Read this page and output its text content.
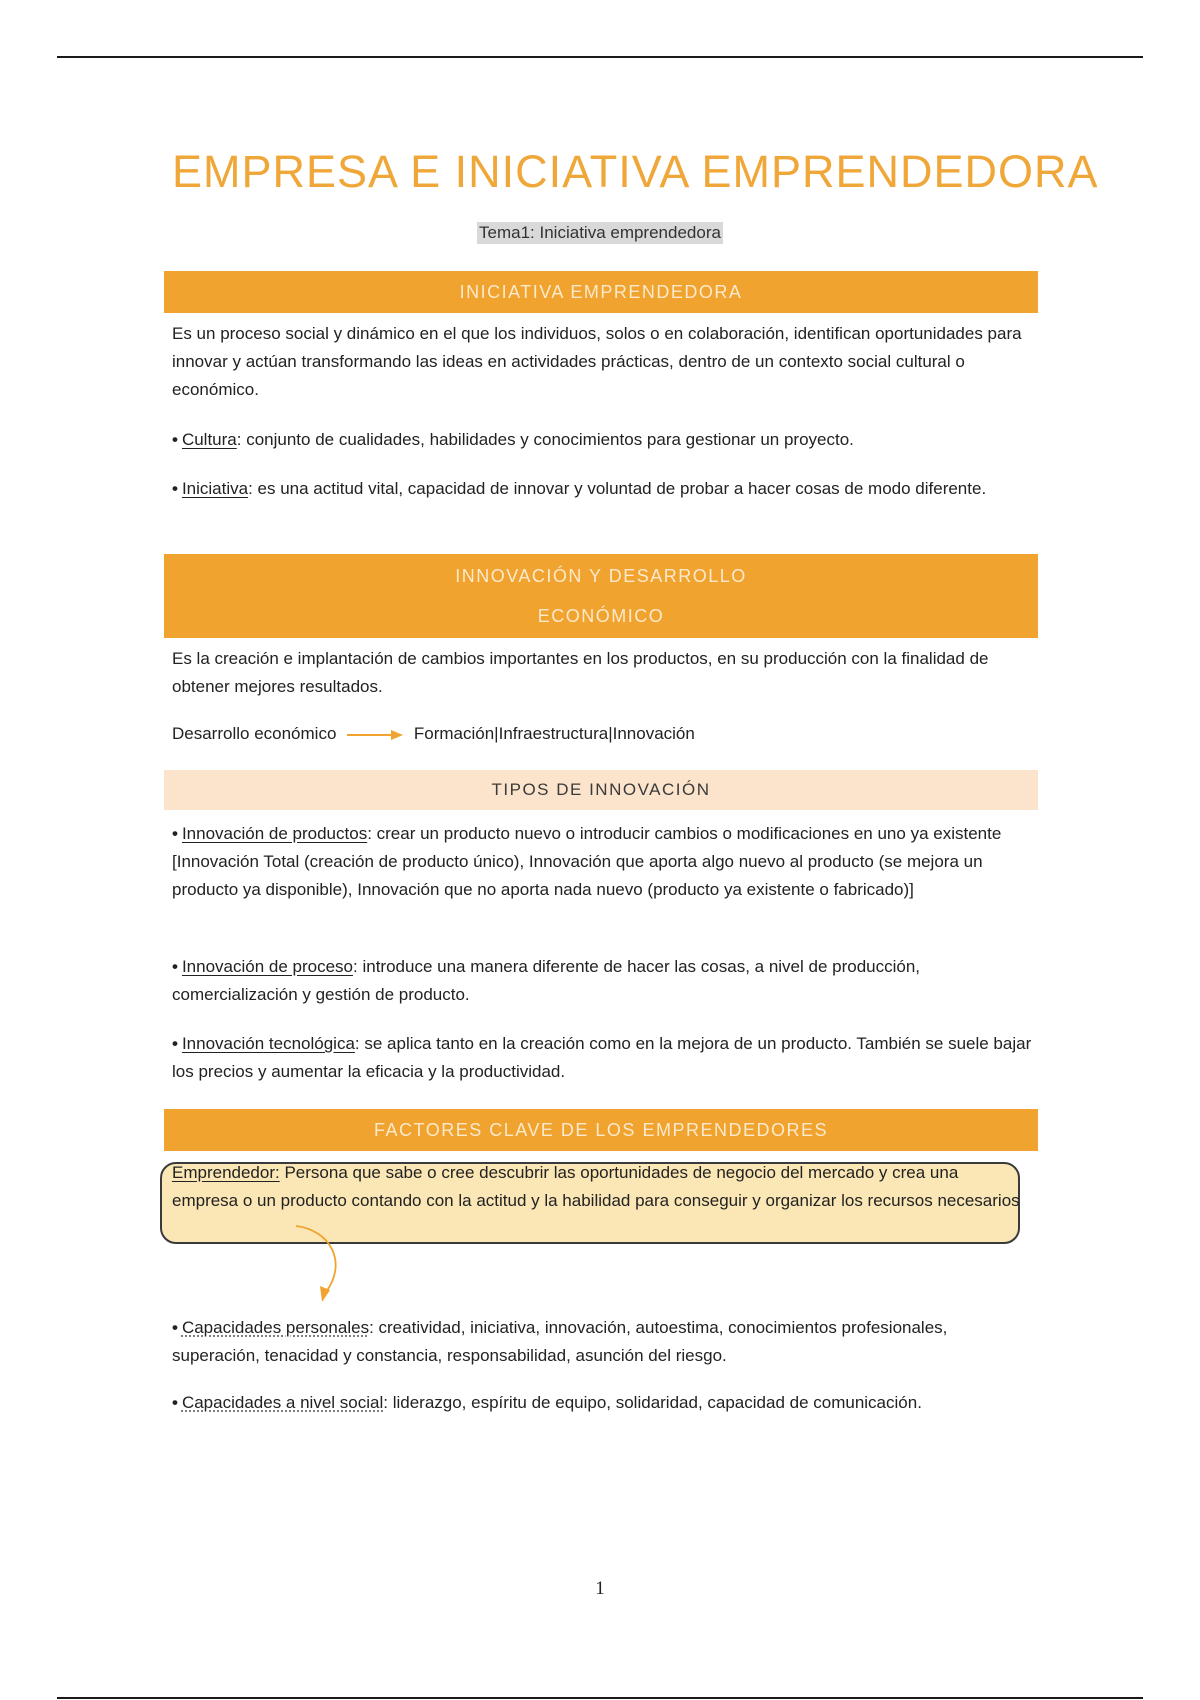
EMPRESA E INICIATIVA EMPRENDEDORA
Tema1: Iniciativa emprendedora
INICIATIVA EMPRENDEDORA
Es un proceso social y dinámico en el que los individuos, solos o en colaboración, identifican oportunidades para innovar y actúan transformando las ideas en actividades prácticas, dentro de un contexto social cultural o económico.
• Cultura: conjunto de cualidades, habilidades y conocimientos para gestionar un proyecto.
• Iniciativa: es una actitud vital, capacidad de innovar y voluntad de probar a hacer cosas de modo diferente.
INNOVACIÓN Y DESARROLLO
ECONÓMICO
Es la creación e implantación de cambios importantes en los productos, en su producción con la finalidad de obtener mejores resultados.
Desarrollo económico	Formación|Infraestructura|Innovación
TIPOS DE INNOVACIÓN
• Innovación de productos: crear un producto nuevo o introducir cambios o modificaciones en uno ya existente [Innovación Total (creación de producto único), Innovación que aporta algo nuevo al producto (se mejora un producto ya disponible), Innovación que no aporta nada nuevo (producto ya existente o fabricado)]
• Innovación de proceso: introduce una manera diferente de hacer las cosas, a nivel de producción, comercialización y gestión de producto.
• Innovación tecnológica: se aplica tanto en la creación como en la mejora de un producto. También se suele bajar los precios y aumentar la eficacia y la productividad.
FACTORES CLAVE DE LOS EMPRENDEDORES
Emprendedor: Persona que sabe o cree descubrir las oportunidades de negocio del mercado y crea una empresa o un producto contando con la actitud y la habilidad para conseguir y organizar los recursos necesarios
• Capacidades personales: creatividad, iniciativa, innovación, autoestima, conocimientos profesionales, superación, tenacidad y constancia, responsabilidad, asunción del riesgo.
• Capacidades a nivel social: liderazgo, espíritu de equipo, solidaridad, capacidad de comunicación.
1
